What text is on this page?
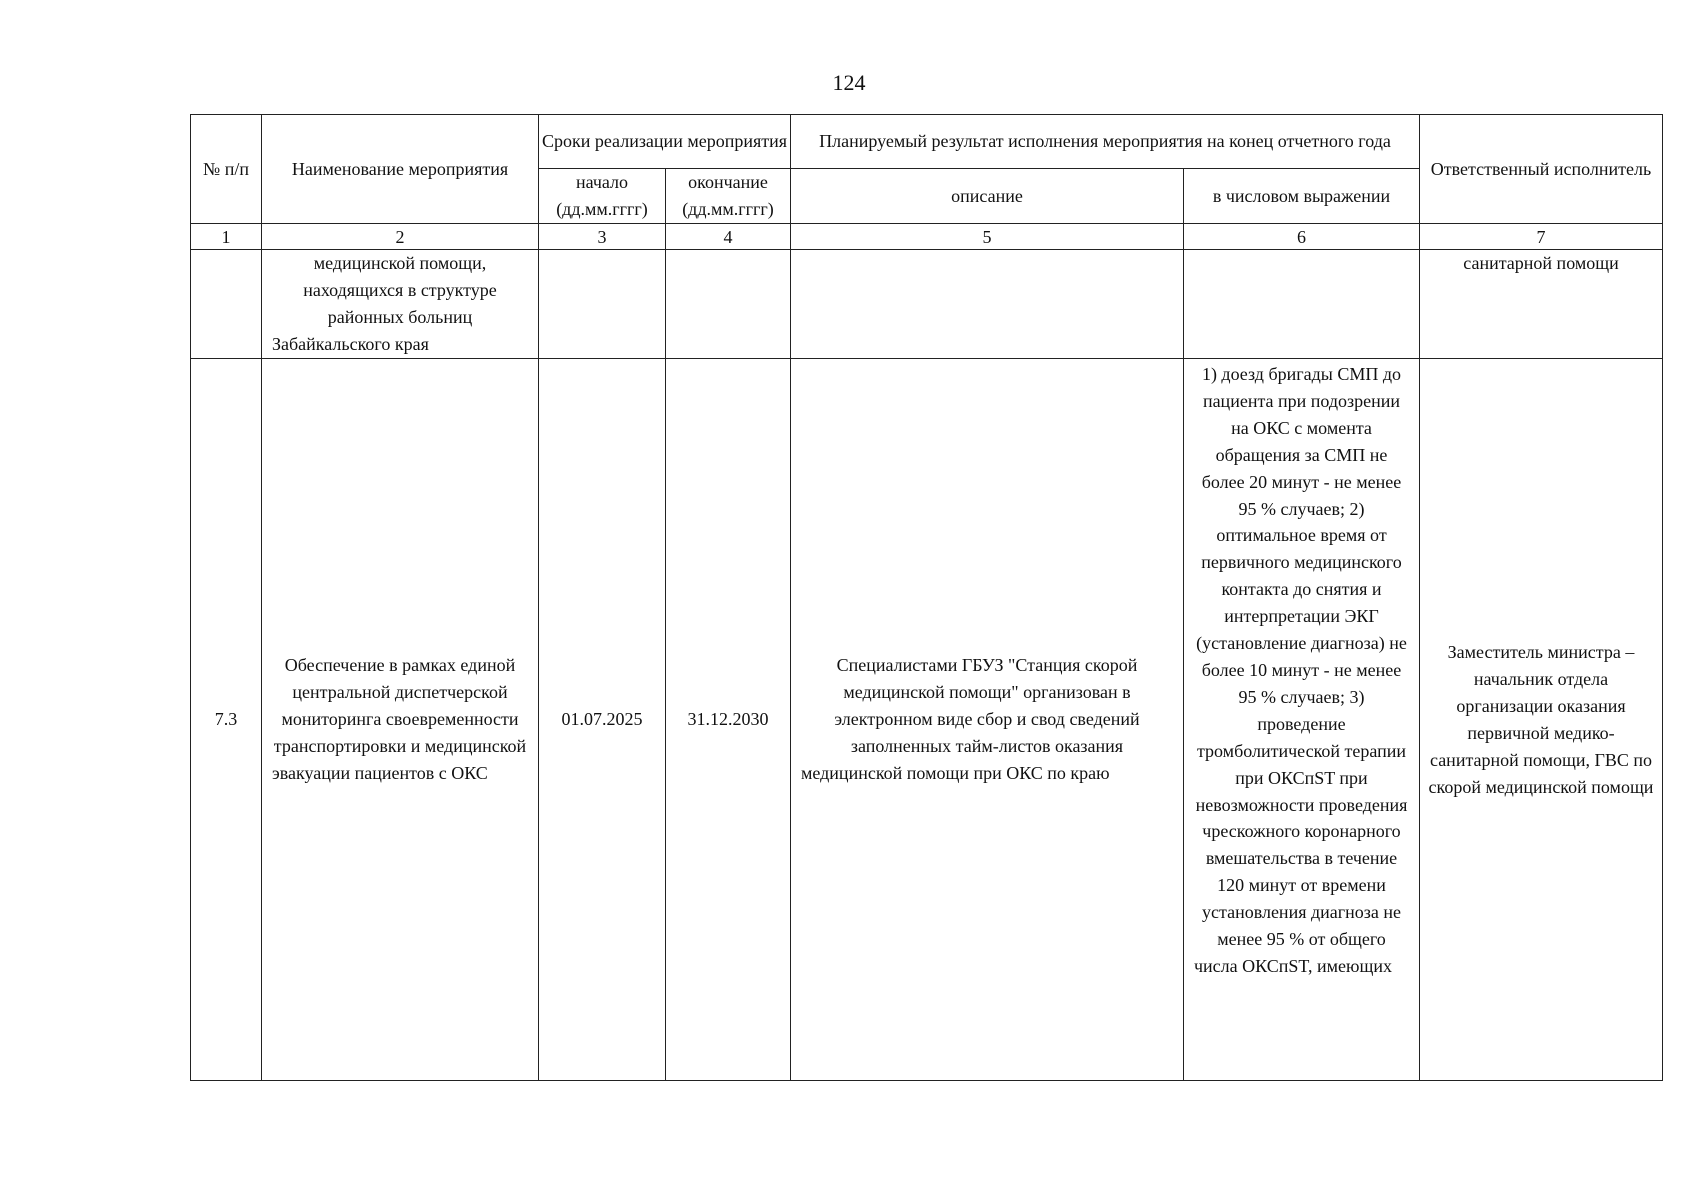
124
№ п/п	Наименование мероприятия	Сроки реализации мероприятия		Планируемый результат исполнения мероприятия на конец отчетного года		Ответственный исполнитель
		начало (дд.мм.гггг)	окончание (дд.мм.гггг)	описание	в числовом выражении	
1	2	3	4	5	6	7
	медицинской помощи, находящихся в структуре районных больниц Забайкальского края					санитарной помощи
7.3	Обеспечение в рамках единой центральной диспетчерской мониторинга своевременности транспортировки и медицинской эвакуации пациентов с ОКС	01.07.2025	31.12.2030	Специалистами ГБУЗ "Станция скорой медицинской помощи" организован в электронном виде сбор и свод сведений заполненных тайм-листов оказания медицинской помощи при ОКС по краю	1) доезд бригады СМП до пациента при подозрении на ОКС с момента обращения за СМП не более 20 минут - не менее 95 % случаев; 2) оптимальное время от первичного медицинского контакта до снятия и интерпретации ЭКГ (установление диагноза) не более 10 минут - не менее 95 % случаев; 3) проведение тромболитической терапии при ОКСпST при невозможности проведения чрескожного коронарного вмешательства в течение 120 минут от времени установления диагноза не менее 95 % от общего числа ОКСпST, имеющих	Заместитель министра – начальник отдела организации оказания первичной медико-санитарной помощи, ГВС по скорой медицинской помощи
